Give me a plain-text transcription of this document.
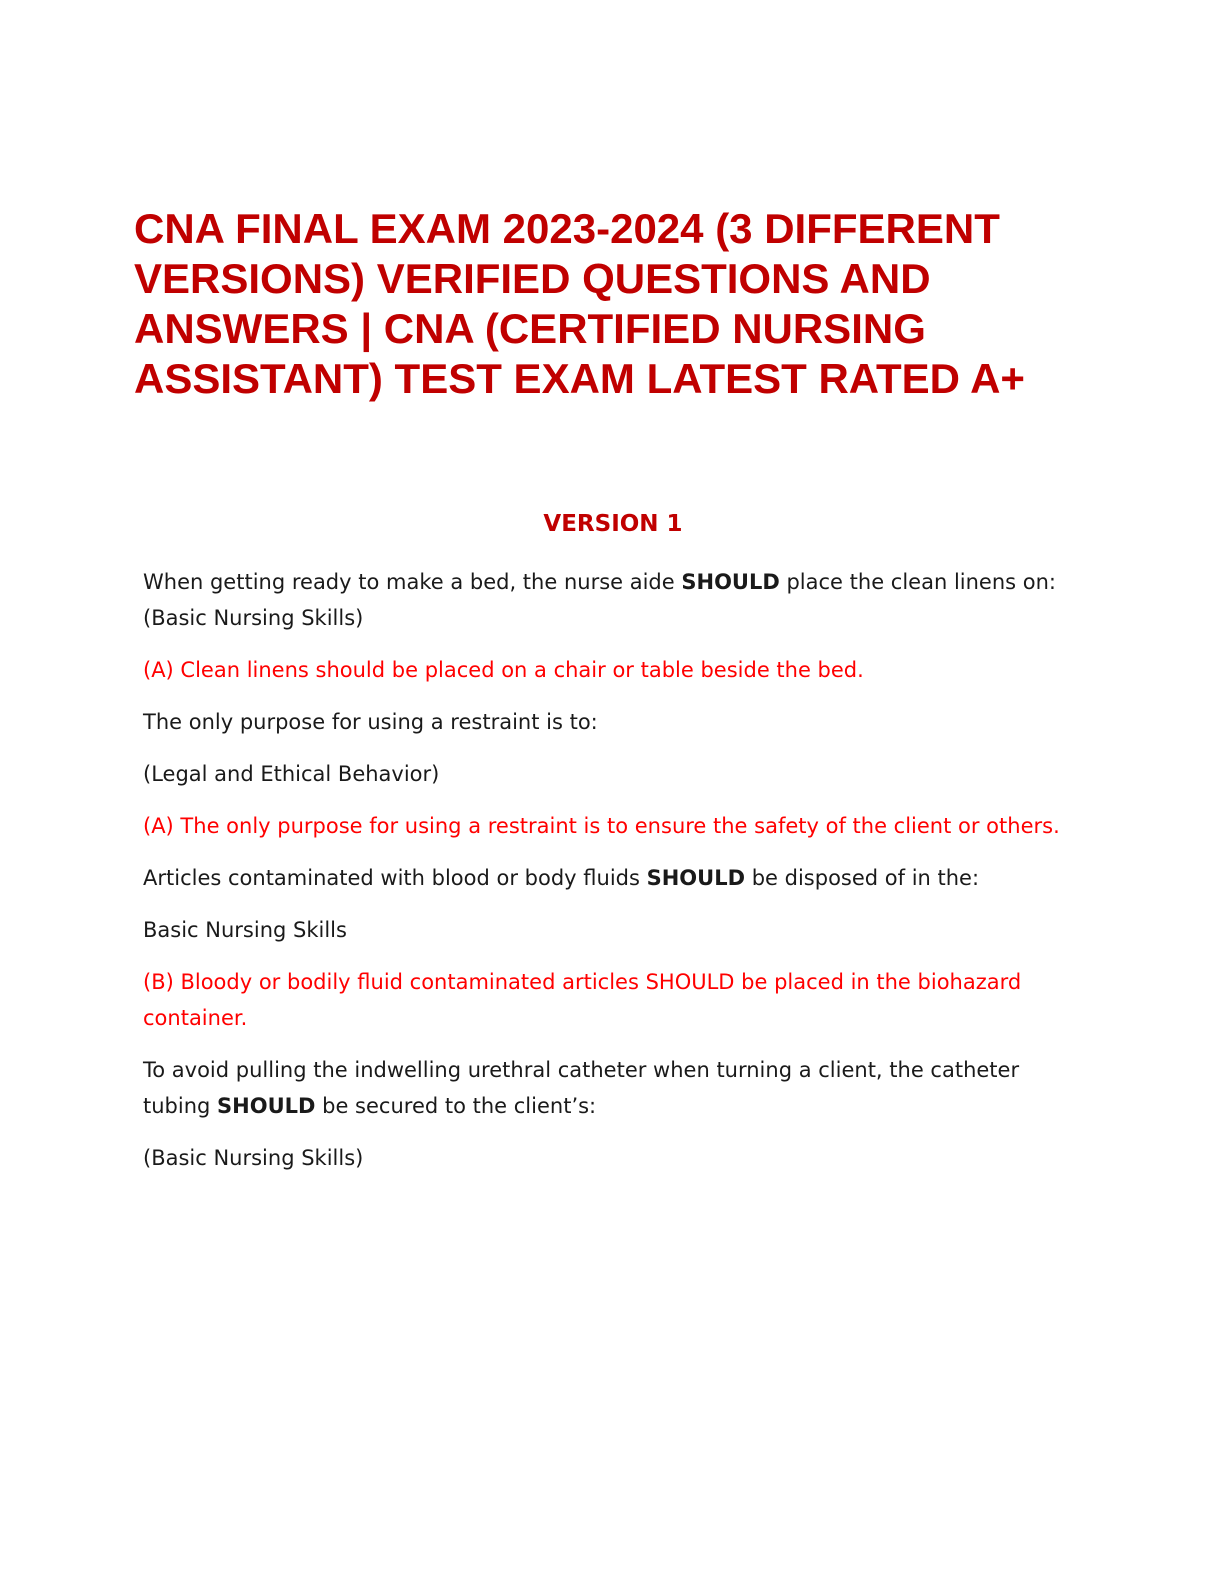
CNA FINAL EXAM 2023-2024 (3 DIFFERENT VERSIONS) VERIFIED QUESTIONS AND ANSWERS | CNA (CERTIFIED NURSING ASSISTANT) TEST EXAM LATEST RATED A+

VERSION 1

When getting ready to make a bed, the nurse aide SHOULD place the clean linens on: (Basic Nursing Skills)

(A) Clean linens should be placed on a chair or table beside the bed.

The only purpose for using a restraint is to:

(Legal and Ethical Behavior)

(A) The only purpose for using a restraint is to ensure the safety of the client or others.

Articles contaminated with blood or body fluids SHOULD be disposed of in the:

Basic Nursing Skills

(B) Bloody or bodily fluid contaminated articles SHOULD be placed in the biohazard container.

To avoid pulling the indwelling urethral catheter when turning a client, the catheter tubing SHOULD be secured to the client’s:

(Basic Nursing Skills)
